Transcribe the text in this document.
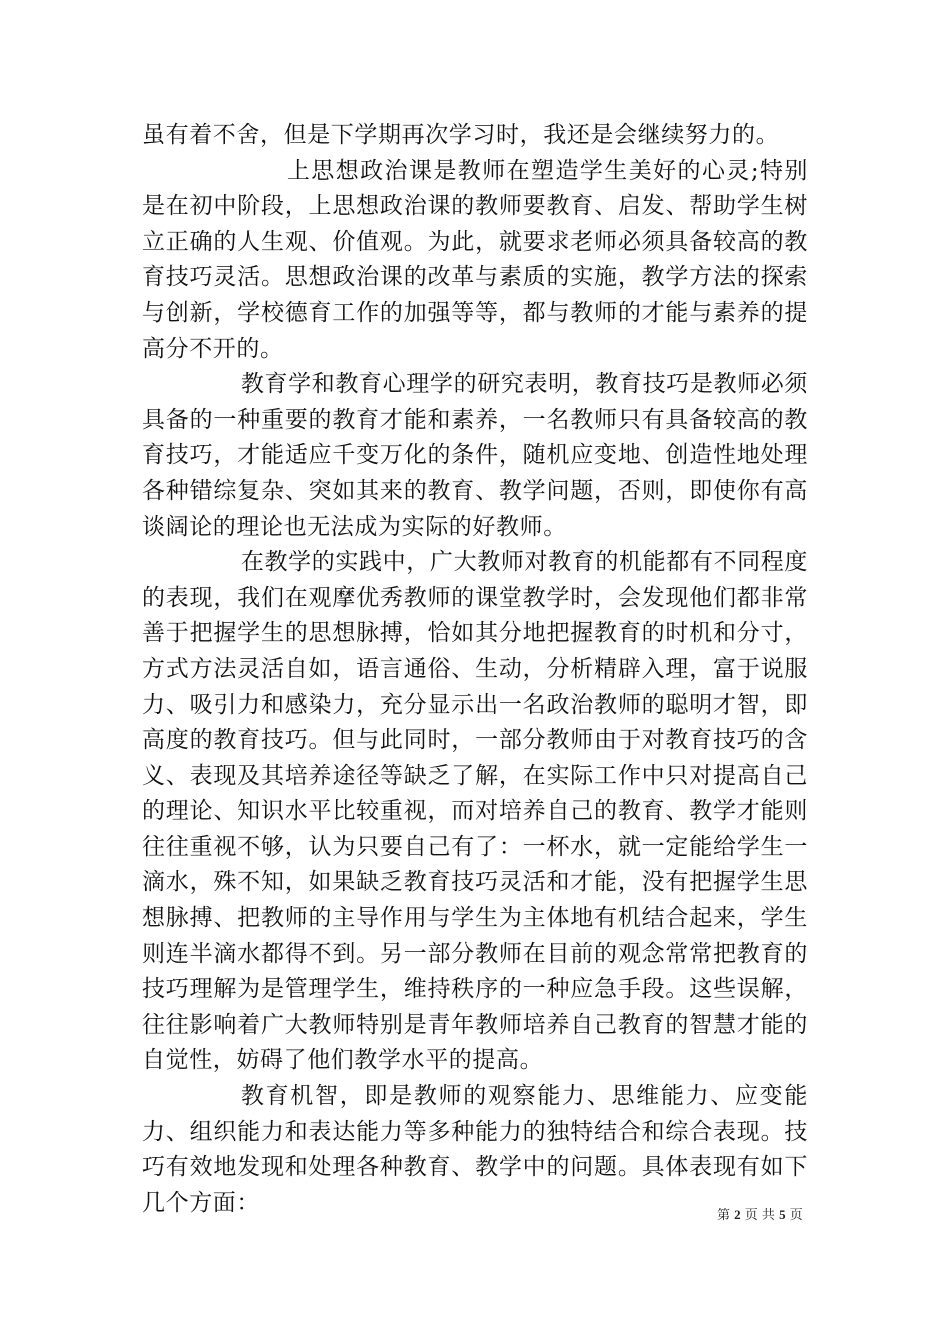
虽有着不舍，但是下学期再次学习时，我还是会继续努力的。

上思想政治课是教师在塑造学生美好的心灵;特别是在初中阶段，上思想政治课的教师要教育、启发、帮助学生树立正确的人生观、价值观。为此，就要求老师必须具备较高的教育技巧灵活。思想政治课的改革与素质的实施，教学方法的探索与创新，学校德育工作的加强等等，都与教师的才能与素养的提高分不开的。

教育学和教育心理学的研究表明，教育技巧是教师必须具备的一种重要的教育才能和素养，一名教师只有具备较高的教育技巧，才能适应千变万化的条件，随机应变地、创造性地处理各种错综复杂、突如其来的教育、教学问题，否则，即使你有高谈阔论的理论也无法成为实际的好教师。

在教学的实践中，广大教师对教育的机能都有不同程度的表现，我们在观摩优秀教师的课堂教学时，会发现他们都非常善于把握学生的思想脉搏，恰如其分地把握教育的时机和分寸，方式方法灵活自如，语言通俗、生动，分析精辟入理，富于说服力、吸引力和感染力，充分显示出一名政治教师的聪明才智，即高度的教育技巧。但与此同时，一部分教师由于对教育技巧的含义、表现及其培养途径等缺乏了解，在实际工作中只对提高自己的理论、知识水平比较重视，而对培养自己的教育、教学才能则往往重视不够，认为只要自己有了：一杯水，就一定能给学生一滴水，殊不知，如果缺乏教育技巧灵活和才能，没有把握学生思想脉搏、把教师的主导作用与学生为主体地有机结合起来，学生则连半滴水都得不到。另一部分教师在目前的观念常常把教育的技巧理解为是管理学生，维持秩序的一种应急手段。这些误解，往往影响着广大教师特别是青年教师培养自己教育的智慧才能的自觉性，妨碍了他们教学水平的提高。

教育机智，即是教师的观察能力、思维能力、应变能力、组织能力和表达能力等多种能力的独特结合和综合表现。技巧有效地发现和处理各种教育、教学中的问题。具体表现有如下几个方面：	第 2 页 共 5 页
